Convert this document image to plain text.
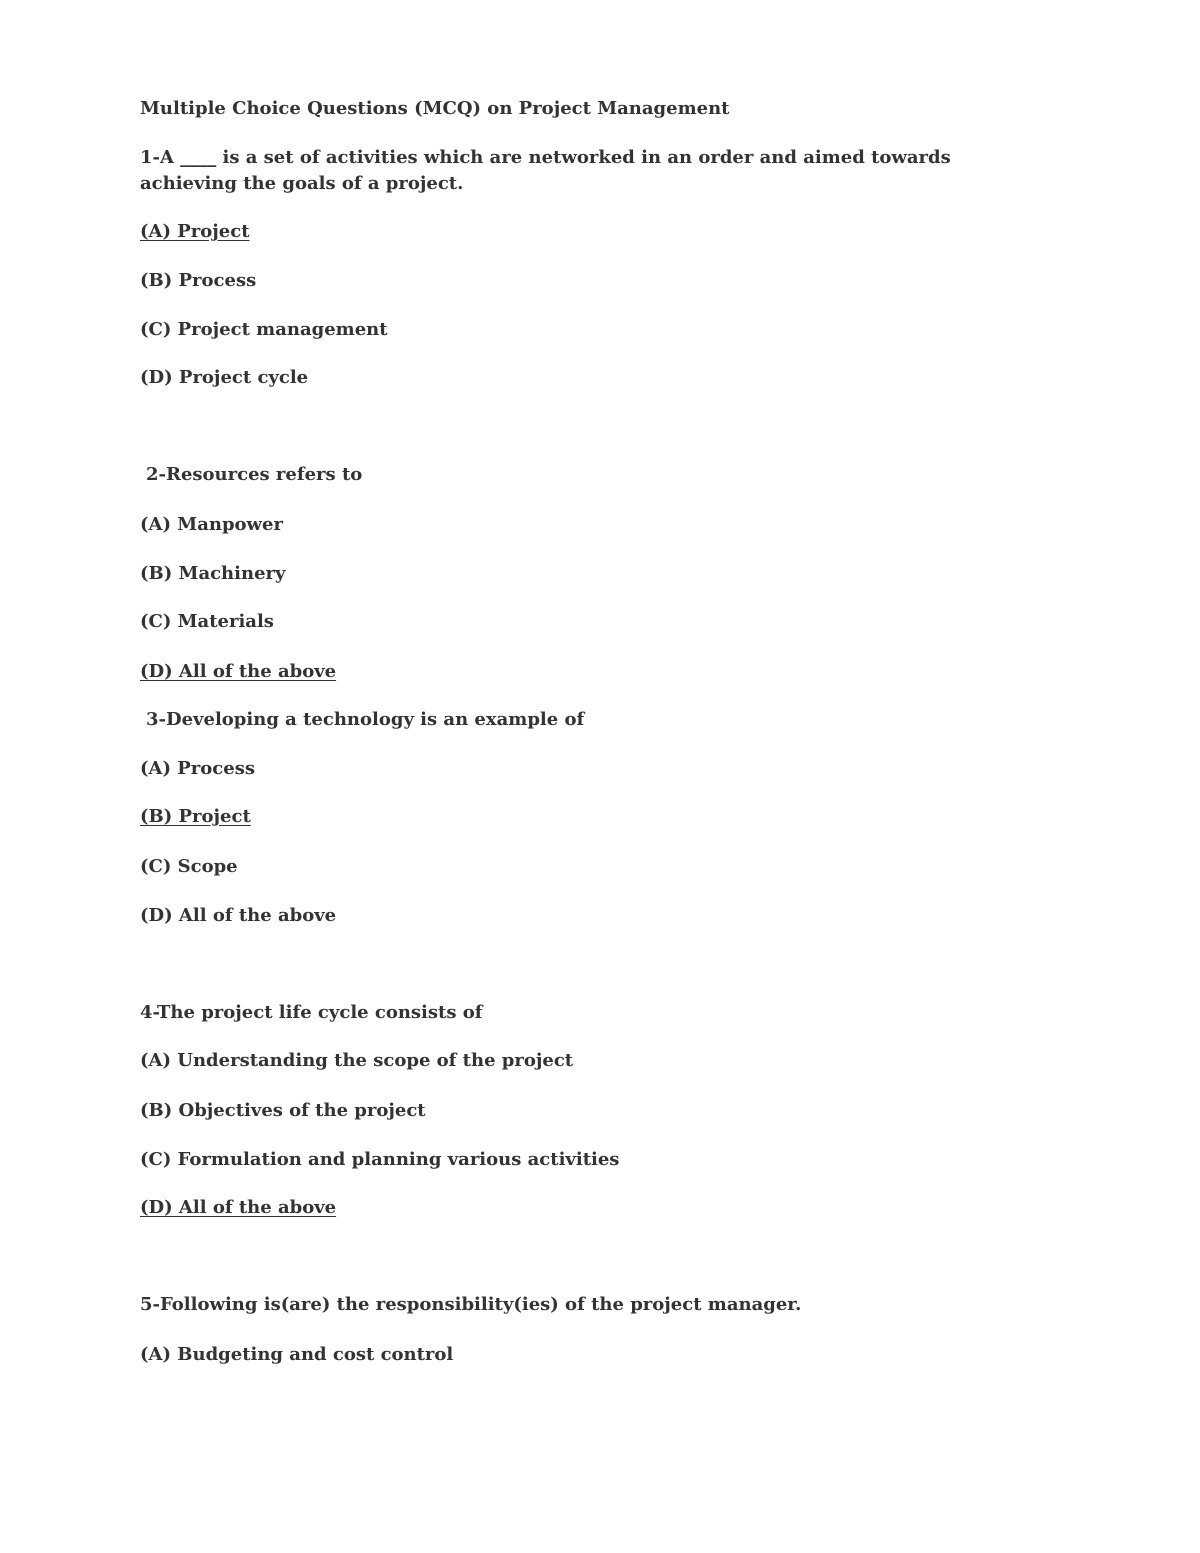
Multiple Choice Questions (MCQ) on Project Management

1-A ____ is a set of activities which are networked in an order and aimed towards achieving the goals of a project.

(A) Project

(B) Process

(C) Project management

(D) Project cycle

2-Resources refers to

(A) Manpower

(B) Machinery

(C) Materials

(D) All of the above

3-Developing a technology is an example of

(A) Process

(B) Project

(C) Scope

(D) All of the above

4-The project life cycle consists of

(A) Understanding the scope of the project

(B) Objectives of the project

(C) Formulation and planning various activities

(D) All of the above

5-Following is(are) the responsibility(ies) of the project manager.

(A) Budgeting and cost control
